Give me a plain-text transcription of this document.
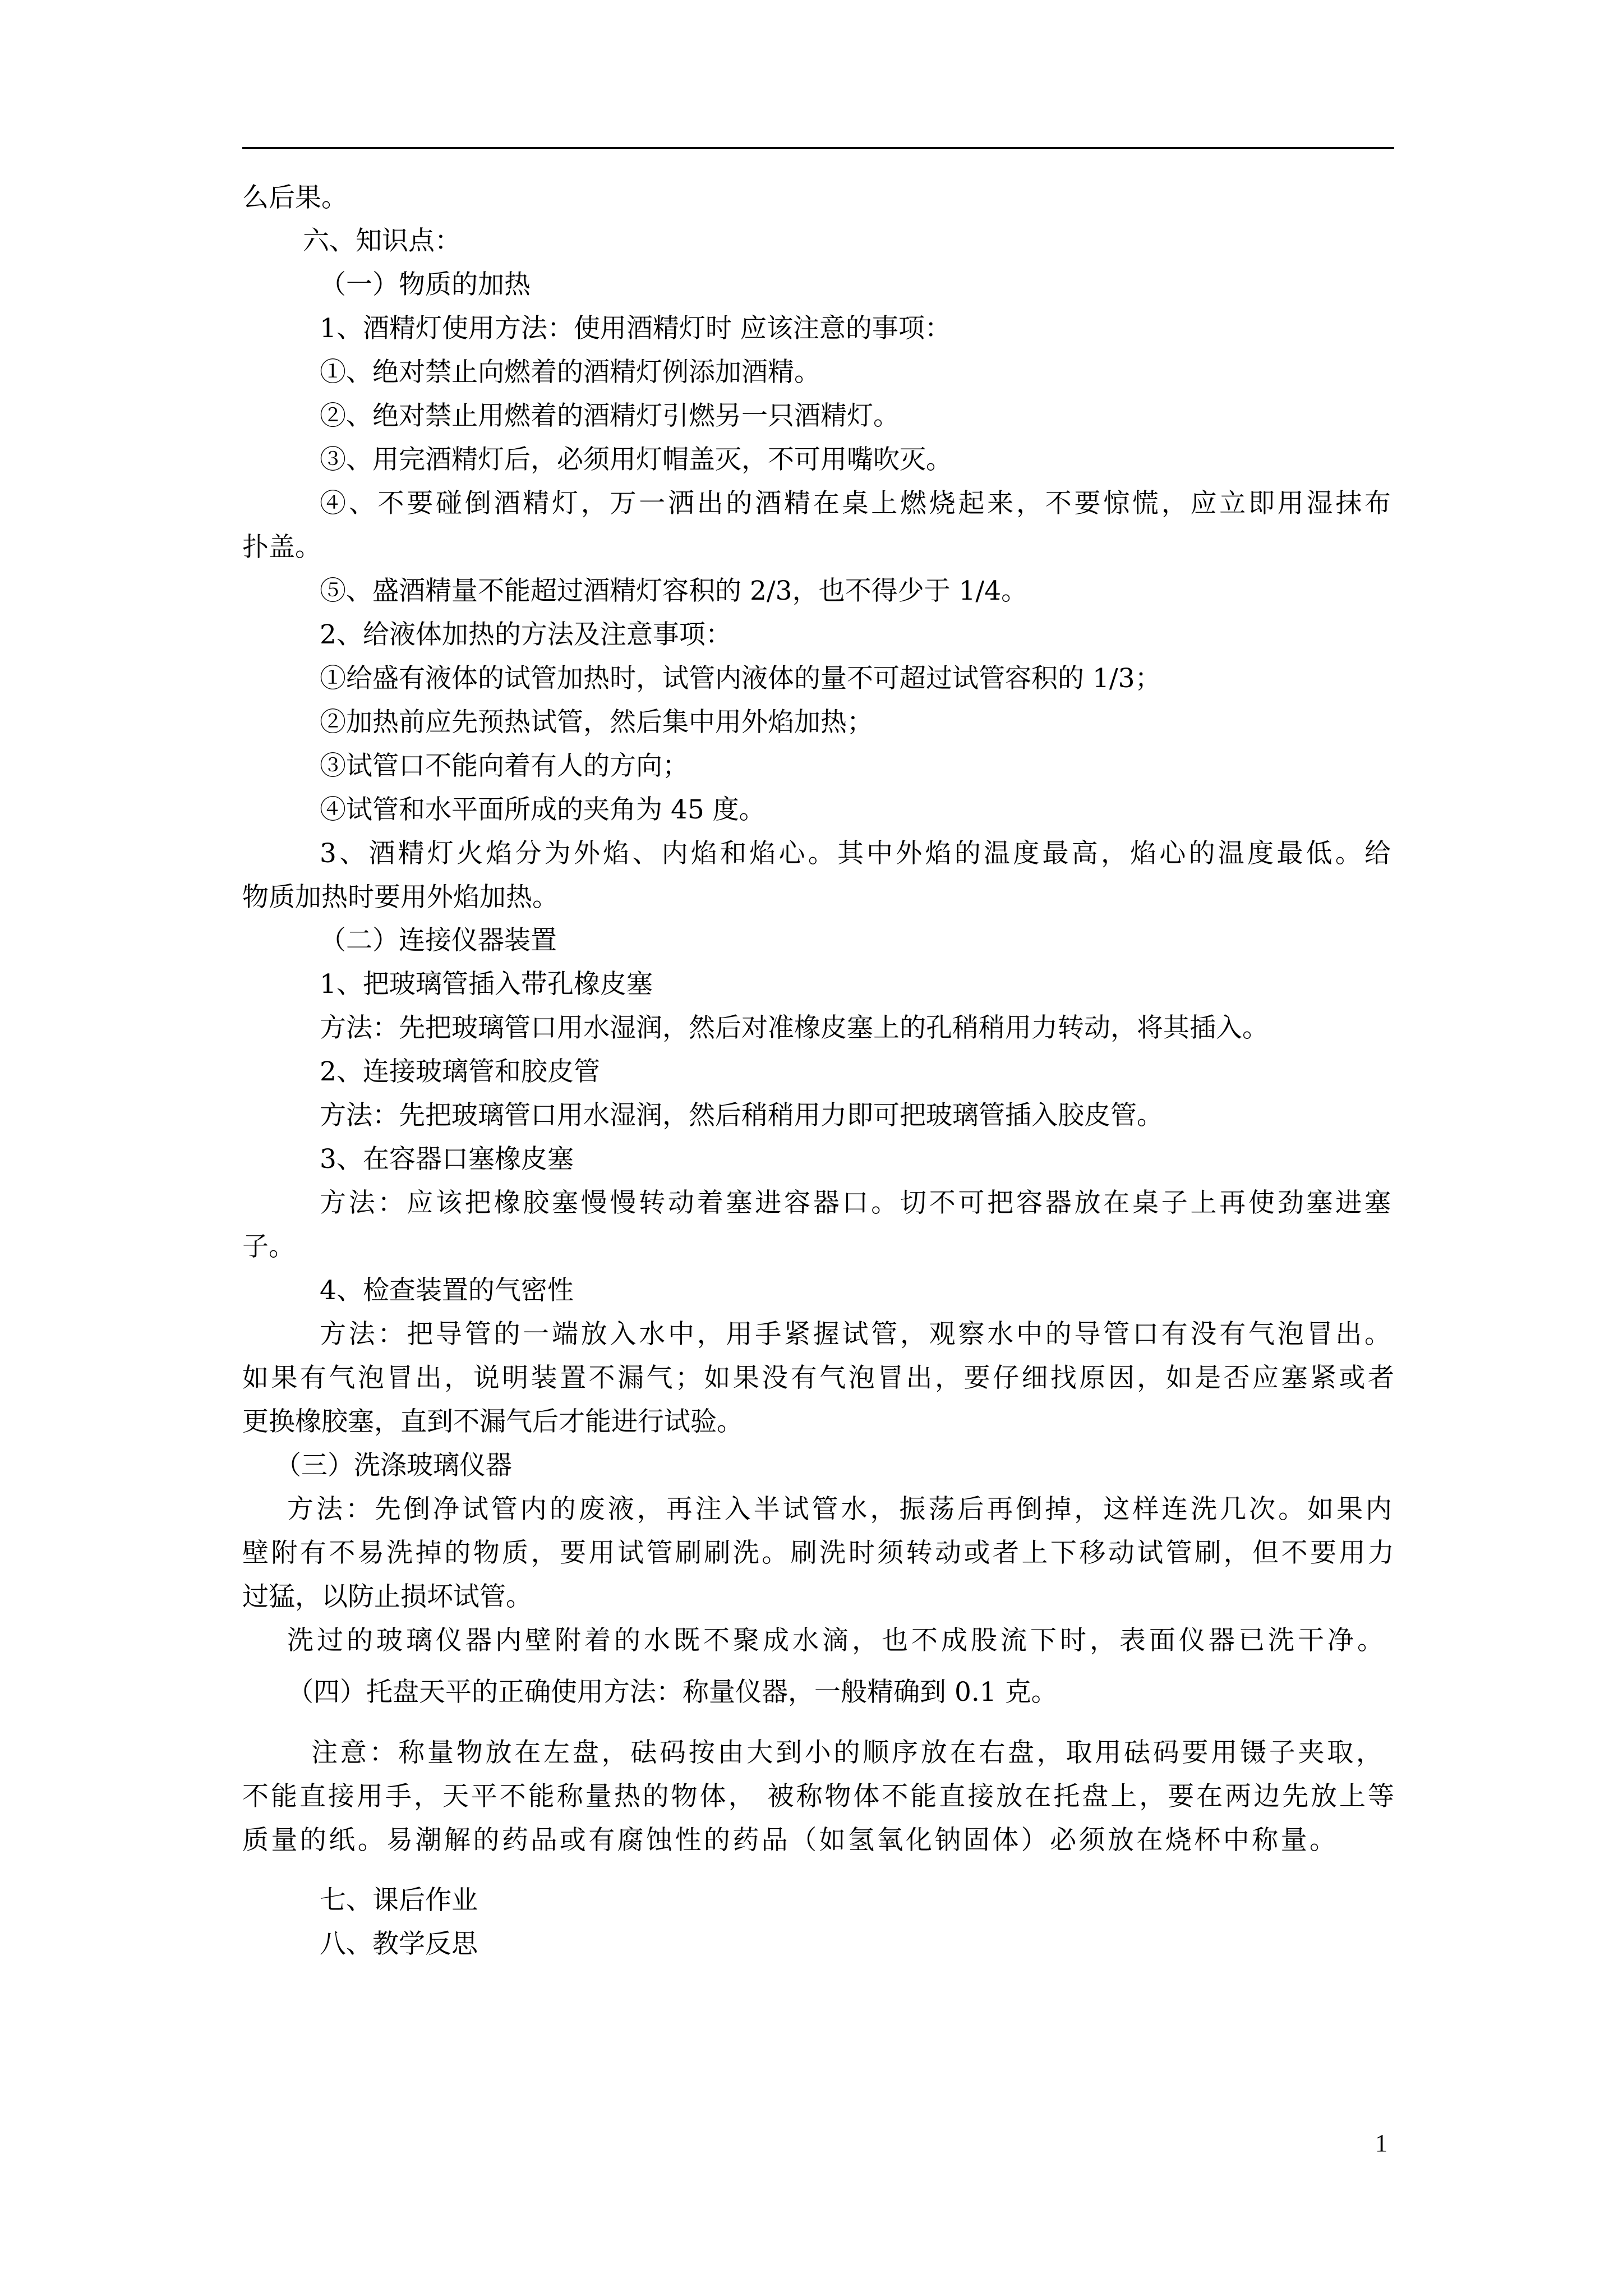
么后果。
六、知识点：
（一）物质的加热
1、酒精灯使用方法：使用酒精灯时 应该注意的事项：
①、绝对禁止向燃着的酒精灯例添加酒精。
②、绝对禁止用燃着的酒精灯引燃另一只酒精灯。
③、用完酒精灯后，必须用灯帽盖灭，不可用嘴吹灭。
④、不要碰倒酒精灯，万一洒出的酒精在桌上燃烧起来，不要惊慌，应立即用湿抹布
扑盖。
⑤、盛酒精量不能超过酒精灯容积的 2/3，也不得少于 1/4。
2、给液体加热的方法及注意事项：
①给盛有液体的试管加热时，试管内液体的量不可超过试管容积的 1/3；
②加热前应先预热试管，然后集中用外焰加热；
③试管口不能向着有人的方向；
④试管和水平面所成的夹角为 45 度。
3、酒精灯火焰分为外焰、内焰和焰心。其中外焰的温度最高，焰心的温度最低。给
物质加热时要用外焰加热。
（二）连接仪器装置
1、把玻璃管插入带孔橡皮塞
方法：先把玻璃管口用水湿润，然后对准橡皮塞上的孔稍稍用力转动，将其插入。
2、连接玻璃管和胶皮管
方法：先把玻璃管口用水湿润，然后稍稍用力即可把玻璃管插入胶皮管。
3、在容器口塞橡皮塞
方法：应该把橡胶塞慢慢转动着塞进容器口。切不可把容器放在桌子上再使劲塞进塞
子。
4、检查装置的气密性
方法：把导管的一端放入水中，用手紧握试管，观察水中的导管口有没有气泡冒出。
如果有气泡冒出，说明装置不漏气；如果没有气泡冒出，要仔细找原因，如是否应塞紧或者
更换橡胶塞，直到不漏气后才能进行试验。
（三）洗涤玻璃仪器
方法：先倒净试管内的废液，再注入半试管水，振荡后再倒掉，这样连洗几次。如果内
壁附有不易洗掉的物质，要用试管刷刷洗。刷洗时须转动或者上下移动试管刷，但不要用力
过猛，以防止损坏试管。
洗过的玻璃仪器内壁附着的水既不聚成水滴，也不成股流下时，表面仪器已洗干净。
（四）托盘天平的正确使用方法：称量仪器，一般精确到 0.1 克。
注意：称量物放在左盘，砝码按由大到小的顺序放在右盘，取用砝码要用镊子夹取，
不能直接用手，天平不能称量热的物体， 被称物体不能直接放在托盘上，要在两边先放上等
质量的纸。易潮解的药品或有腐蚀性的药品（如氢氧化钠固体）必须放在烧杯中称量。
七、课后作业
八、教学反思
1
